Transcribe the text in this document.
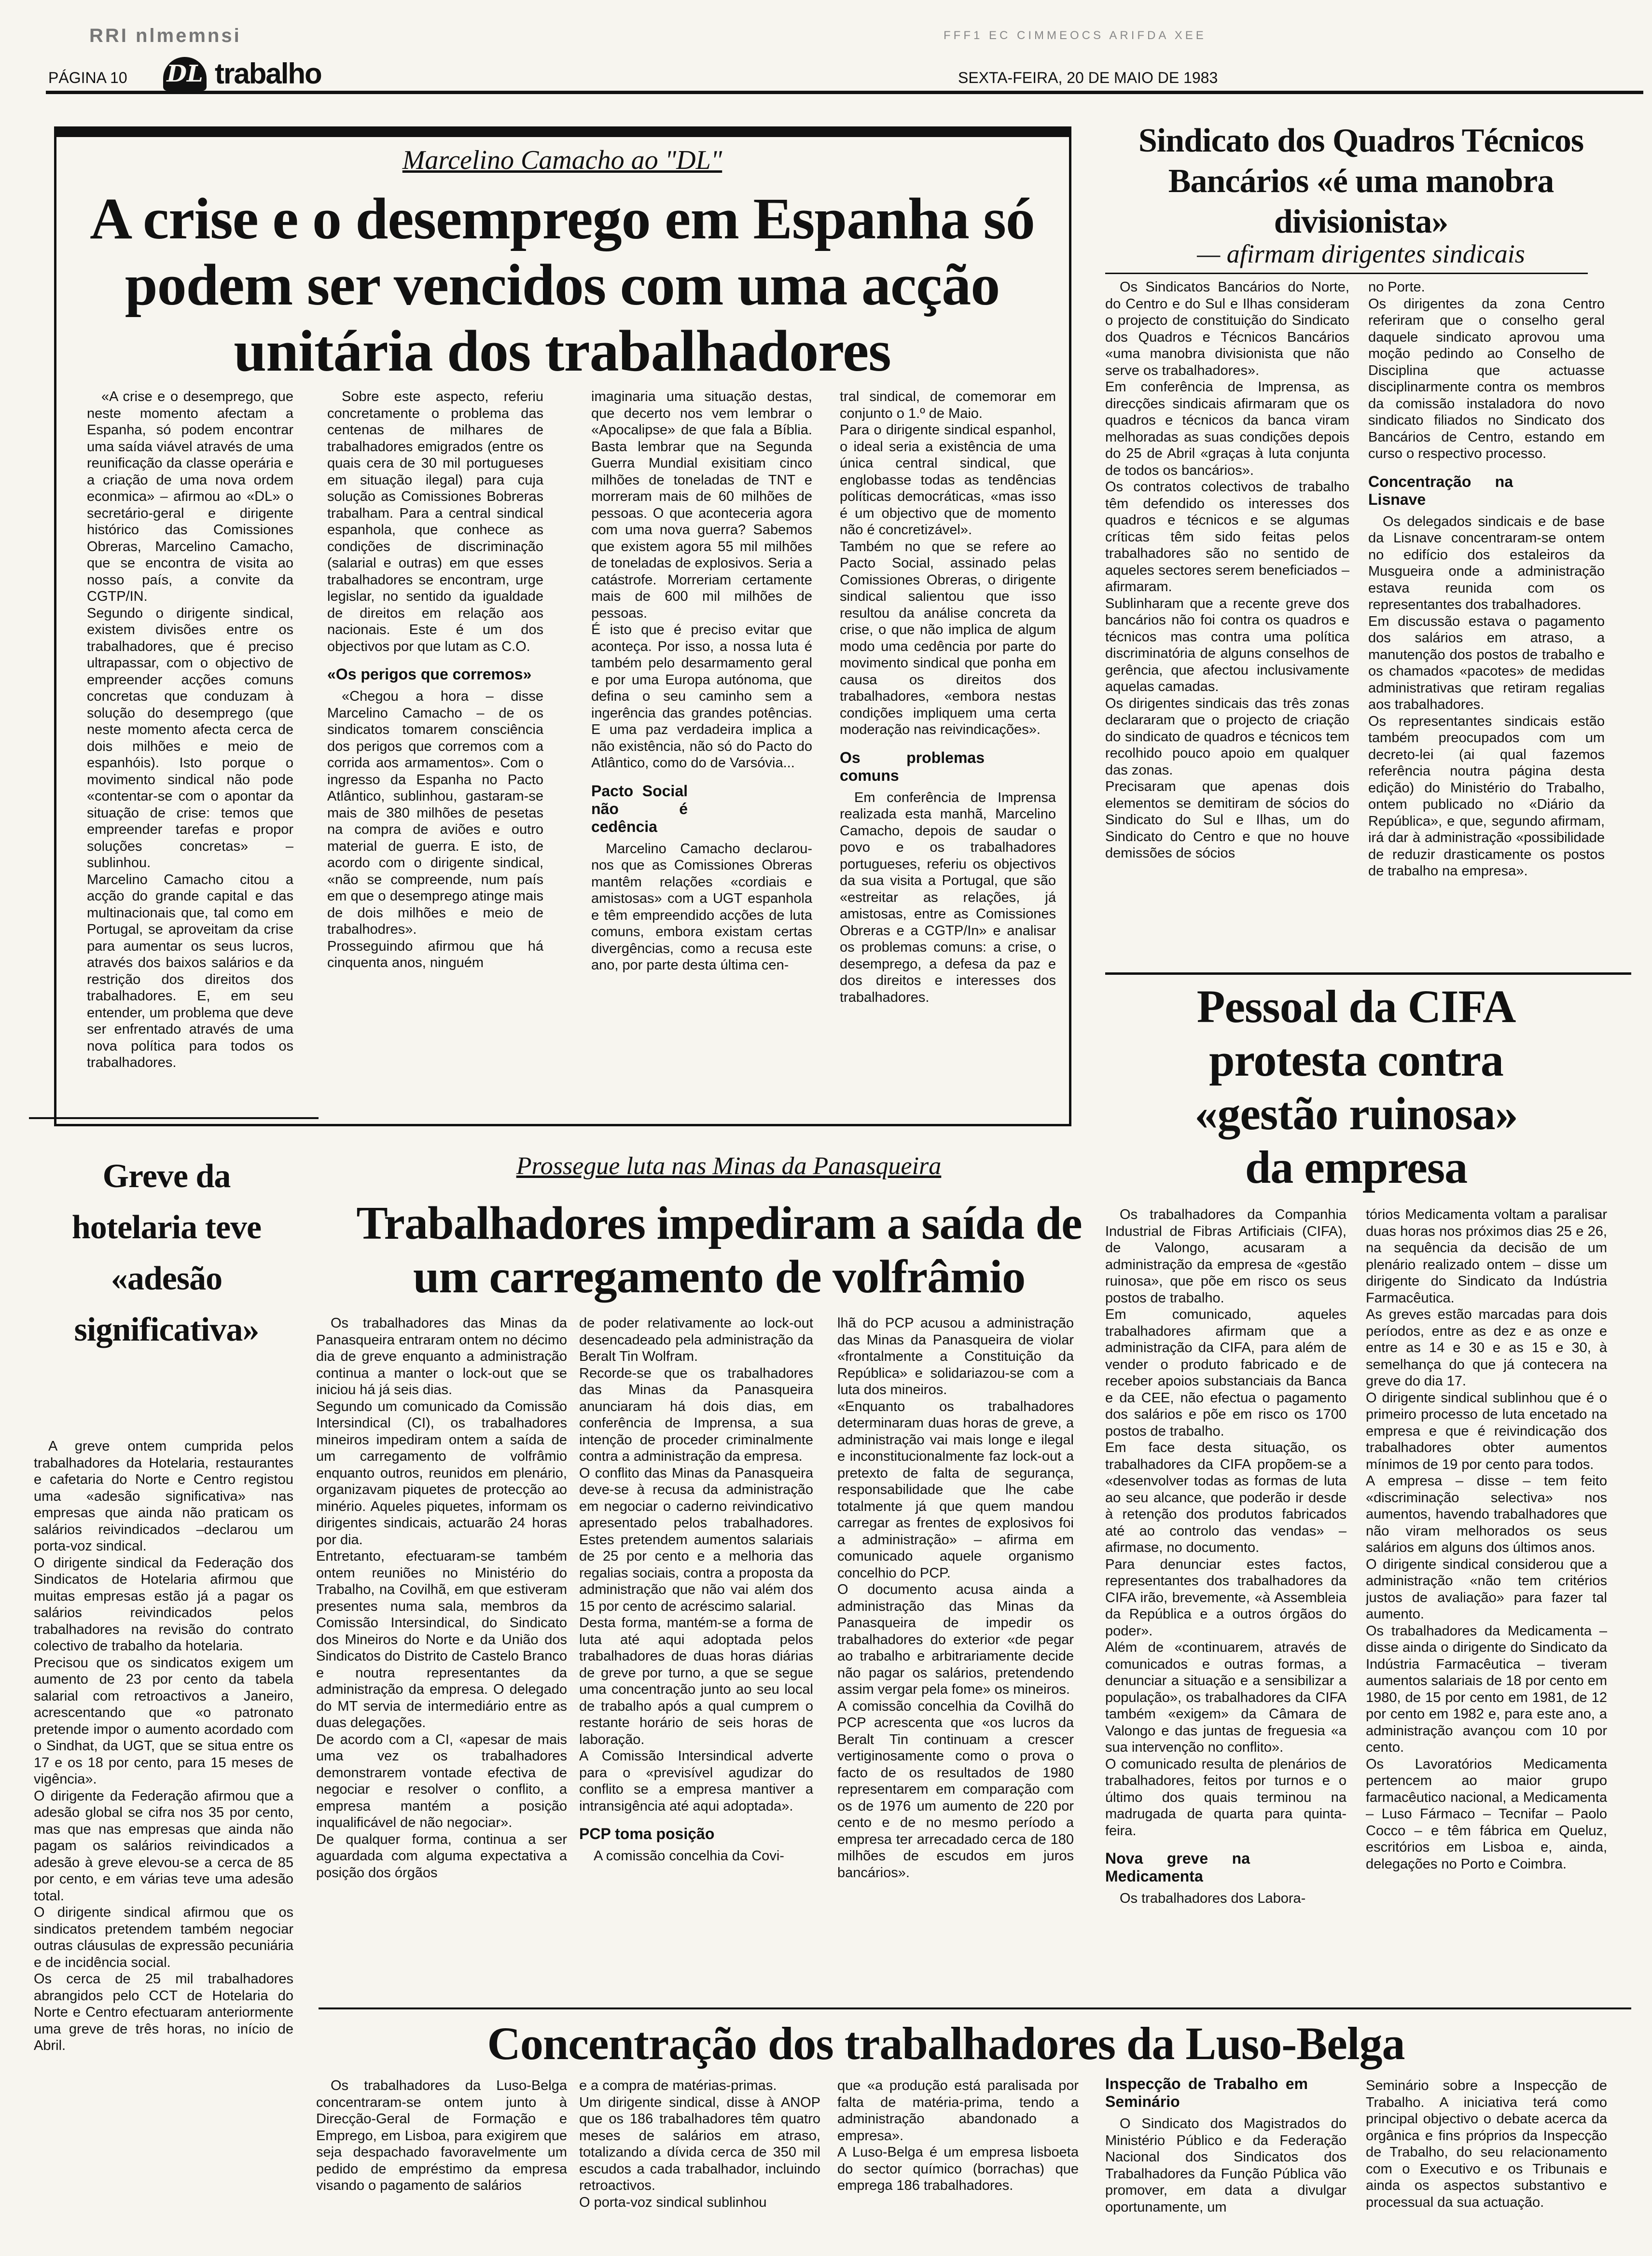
RRI nlmemnsi	FFF1 EC CIMMEOCS ARIFDA XEE
PÁGINA 10 DL trabalho	SEXTA-FEIRA, 20 DE MAIO DE 1983
Marcelino Camacho ao "DL"
A crise e o desemprego em Espanha só podem ser vencidos com uma acção unitária dos trabalhadores

«A crise e o desemprego, que neste momento afectam a Espanha, só podem encontrar uma saída viável através de uma reunificação da classe operária e a criação de uma nova ordem econmica» – afirmou ao «DL» o secretário-geral e dirigente histórico das Comissiones Obreras, Marcelino Camacho, que se encontra de visita ao nosso país, a convite da CGTP/IN.
Segundo o dirigente sindical, existem divisões entre os trabalhadores, que é preciso ultrapassar, com o objectivo de empreender acções comuns concretas que conduzam à solução do desemprego (que neste momento afecta cerca de dois milhões e meio de espanhóis). Isto porque o movimento sindical não pode «contentar-se com o apontar da situação de crise: temos que empreender tarefas e propor soluções concretas» – sublinhou.
Marcelino Camacho citou a acção do grande capital e das multinacionais que, tal como em Portugal, se aproveitam da crise para aumentar os seus lucros, através dos baixos salários e da restrição dos direitos dos trabalhadores. E, em seu entender, um problema que deve ser enfrentado através de uma nova política para todos os trabalhadores.

Sobre este aspecto, referiu concretamente o problema das centenas de milhares de trabalhadores emigrados (entre os quais cera de 30 mil portugueses em situação ilegal) para cuja solução as Comissiones Bobreras trabalham. Para a central sindical espanhola, que conhece as condições de discriminação (salarial e outras) em que esses trabalhadores se encontram, urge legislar, no sentido da igualdade de direitos em relação aos nacionais. Este é um dos objectivos por que lutam as C.O.

«Os perigos que corremos»

«Chegou a hora – disse Marcelino Camacho – de os sindicatos tomarem consciência dos perigos que corremos com a corrida aos armamentos». Com o ingresso da Espanha no Pacto Atlântico, sublinhou, gastaram-se mais de 380 milhões de pesetas na compra de aviões e outro material de guerra. E isto, de acordo com o dirigente sindical, «não se compreende, num país em que o desemprego atinge mais de dois milhões e meio de trabalhodres».
Prosseguindo afirmou que há cinquenta anos, ninguém

imaginaria uma situação destas, que decerto nos vem lembrar o «Apocalipse» de que fala a Bíblia. Basta lembrar que na Segunda Guerra Mundial exisitiam cinco milhões de toneladas de TNT e morreram mais de 60 milhões de pessoas. O que aconteceria agora com uma nova guerra? Sabemos que existem agora 55 mil milhões de toneladas de explosivos. Seria a catástrofe. Morreriam certamente mais de 600 mil milhões de pessoas.
É isto que é preciso evitar que aconteça. Por isso, a nossa luta é também pelo desarmamento geral e por uma Europa autónoma, que defina o seu caminho sem a ingerência das grandes potências. E uma paz verdadeira implica a não existência, não só do Pacto do Atlântico, como do de Varsóvia...

Pacto Social não é cedência

Marcelino Camacho declarou-nos que as Comissiones Obreras mantêm relações «cordiais e amistosas» com a UGT espanhola e têm empreendido acções de luta comuns, embora existam certas divergências, como a recusa este ano, por parte desta última cen-

tral sindical, de comemorar em conjunto o 1.º de Maio.
Para o dirigente sindical espanhol, o ideal seria a existência de uma única central sindical, que englobasse todas as tendências políticas democráticas, «mas isso é um objectivo que de momento não é concretizável».
Também no que se refere ao Pacto Social, assinado pelas Comissiones Obreras, o dirigente sindical salientou que isso resultou da análise concreta da crise, o que não implica de algum modo uma cedência por parte do movimento sindical que ponha em causa os direitos dos trabalhadores, «embora nestas condições impliquem uma certa moderação nas reivindicações».

Os problemas comuns

Em conferência de Imprensa realizada esta manhã, Marcelino Camacho, depois de saudar o povo e os trabalhadores portugueses, referiu os objectivos da sua visita a Portugal, que são «estreitar as relações, já amistosas, entre as Comissiones Obreras e a CGTP/In» e analisar os problemas comuns: a crise, o desemprego, a defesa da paz e dos direitos e interesses dos trabalhadores.

Sindicato dos Quadros Técnicos Bancários «é uma manobra divisionista»
— afirmam dirigentes sindicais

Os Sindicatos Bancários do Norte, do Centro e do Sul e Ilhas consideram o projecto de constituição do Sindicato dos Quadros e Técnicos Bancários «uma manobra divisionista que não serve os trabalhadores».
Em conferência de Imprensa, as direcções sindicais afirmaram que os quadros e técnicos da banca viram melhoradas as suas condições depois do 25 de Abril «graças à luta conjunta de todos os bancários».
Os contratos colectivos de trabalho têm defendido os interesses dos quadros e técnicos e se algumas críticas têm sido feitas pelos trabalhadores são no sentido de aqueles sectores serem beneficiados – afirmaram.
Sublinharam que a recente greve dos bancários não foi contra os quadros e técnicos mas contra uma política discriminatória de alguns conselhos de gerência, que afectou inclusivamente aquelas camadas.
Os dirigentes sindicais das três zonas declararam que o projecto de criação do sindicato de quadros e técnicos tem recolhido pouco apoio em qualquer das zonas.
Precisaram que apenas dois elementos se demitiram de sócios do Sindicato do Sul e Ilhas, um do Sindicato do Centro e que no houve demissões de sócios

no Porte.
Os dirigentes da zona Centro referiram que o conselho geral daquele sindicato aprovou uma moção pedindo ao Conselho de Disciplina que actuasse disciplinarmente contra os membros da comissão instaladora do novo sindicato filiados no Sindicato dos Bancários de Centro, estando em curso o respectivo processo.

Concentração na Lisnave

Os delegados sindicais e de base da Lisnave concentraram-se ontem no edifício dos estaleiros da Musgueira onde a administração estava reunida com os representantes dos trabalhadores.
Em discussão estava o pagamento dos salários em atraso, a manutenção dos postos de trabalho e os chamados «pacotes» de medidas administrativas que retiram regalias aos trabalhadores.
Os representantes sindicais estão também preocupados com um decreto-lei (ai qual fazemos referência noutra página desta edição) do Ministério do Trabalho, ontem publicado no «Diário da República», e que, segundo afirmam, irá dar à administração «possibilidade de reduzir drasticamente os postos de trabalho na empresa».

Pessoal da CIFA protesta contra «gestão ruinosa» da empresa

Os trabalhadores da Companhia Industrial de Fibras Artificiais (CIFA), de Valongo, acusaram a administração da empresa de «gestão ruinosa», que põe em risco os seus postos de trabalho.
Em comunicado, aqueles trabalhadores afirmam que a administração da CIFA, para além de vender o produto fabricado e de receber apoios substanciais da Banca e da CEE, não efectua o pagamento dos salários e põe em risco os 1700 postos de trabalho.
Em face desta situação, os trabalhadores da CIFA propõem-se a «desenvolver todas as formas de luta ao seu alcance, que poderão ir desde à retenção dos produtos fabricados até ao controlo das vendas» – afirmase, no documento.
Para denunciar estes factos, representantes dos trabalhadores da CIFA irão, brevemente, «à Assembleia da República e a outros órgãos do poder».
Além de «continuarem, através de comunicados e outras formas, a denunciar a situação e a sensibilizar a população», os trabalhadores da CIFA também «exigem» da Câmara de Valongo e das juntas de freguesia «a sua intervenção no conflito».
O comunicado resulta de plenários de trabalhadores, feitos por turnos e o último dos quais terminou na madrugada de quarta para quinta-feira.

Nova greve na Medicamenta

Os trabalhadores dos Labora-

tórios Medicamenta voltam a paralisar duas horas nos próximos dias 25 e 26, na sequência da decisão de um plenário realizado ontem – disse um dirigente do Sindicato da Indústria Farmacêutica.
As greves estão marcadas para dois períodos, entre as dez e as onze e entre as 14 e 30 e as 15 e 30, à semelhança do que já contecera na greve do dia 17.
O dirigente sindical sublinhou que é o primeiro processo de luta encetado na empresa e que é reivindicação dos trabalhadores obter aumentos mínimos de 19 por cento para todos.
A empresa – disse – tem feito «discriminação selectiva» nos aumentos, havendo trabalhadores que não viram melhorados os seus salários em alguns dos últimos anos.
O dirigente sindical considerou que a administração «não tem critérios justos de avaliação» para fazer tal aumento.
Os trabalhadores da Medicamenta – disse ainda o dirigente do Sindicato da Indústria Farmacêutica – tiveram aumentos salariais de 18 por cento em 1980, de 15 por cento em 1981, de 12 por cento em 1982 e, para este ano, a administração avançou com 10 por cento.
Os Lavoratórios Medicamenta pertencem ao maior grupo farmacêutico nacional, a Medicamenta – Luso Fármaco – Tecnifar – Paolo Cocco – e têm fábrica em Queluz, escritórios em Lisboa e, ainda, delegações no Porto e Coimbra.

Greve da hotelaria teve «adesão significativa»

A greve ontem cumprida pelos trabalhadores da Hotelaria, restaurantes e cafetaria do Norte e Centro registou uma «adesão significativa» nas empresas que ainda não praticam os salários reivindicados –declarou um porta-voz sindical.
O dirigente sindical da Federação dos Sindicatos de Hotelaria afirmou que muitas empresas estão já a pagar os salários reivindicados pelos trabalhadores na revisão do contrato colectivo de trabalho da hotelaria.
Precisou que os sindicatos exigem um aumento de 23 por cento da tabela salarial com retroactivos a Janeiro, acrescentando que «o patronato pretende impor o aumento acordado com o Sindhat, da UGT, que se situa entre os 17 e os 18 por cento, para 15 meses de vigência».
O dirigente da Federação afirmou que a adesão global se cifra nos 35 por cento, mas que nas empresas que ainda não pagam os salários reivindicados a adesão à greve elevou-se a cerca de 85 por cento, e em várias teve uma adesão total.
O dirigente sindical afirmou que os sindicatos pretendem também negociar outras cláusulas de expressão pecuniária e de incidência social.
Os cerca de 25 mil trabalhadores abrangidos pelo CCT de Hotelaria do Norte e Centro efectuaram anteriormente uma greve de três horas, no início de Abril.

Prossegue luta nas Minas da Panasqueira
Trabalhadores impediram a saída de um carregamento de volfrâmio

Os trabalhadores das Minas da Panasqueira entraram ontem no décimo dia de greve enquanto a administração continua a manter o lock-out que se iniciou há já seis dias.
Segundo um comunicado da Comissão Intersindical (CI), os trabalhadores mineiros impediram ontem a saída de um carregamento de volfrâmio enquanto outros, reunidos em plenário, organizavam piquetes de protecção ao minério. Aqueles piquetes, informam os dirigentes sindicais, actuarão 24 horas por dia.
Entretanto, efectuaram-se também ontem reuniões no Ministério do Trabalho, na Covilhã, em que estiveram presentes numa sala, membros da Comissão Intersindical, do Sindicato dos Mineiros do Norte e da União dos Sindicatos do Distrito de Castelo Branco e noutra representantes da administração da empresa. O delegado do MT servia de intermediário entre as duas delegações.
De acordo com a CI, «apesar de mais uma vez os trabalhadores demonstrarem vontade efectiva de negociar e resolver o conflito, a empresa mantém a posição inqualificável de não negociar».
De qualquer forma, continua a ser aguardada com alguma expectativa a posição dos órgãos

de poder relativamente ao lock-out desencadeado pela administração da Beralt Tin Wolfram.
Recorde-se que os trabalhadores das Minas da Panasqueira anunciaram há dois dias, em conferência de Imprensa, a sua intenção de proceder criminalmente contra a administração da empresa.
O conflito das Minas da Panasqueira deve-se à recusa da administração em negociar o caderno reivindicativo apresentado pelos trabalhadores. Estes pretendem aumentos salariais de 25 por cento e a melhoria das regalias sociais, contra a proposta da administração que não vai além dos 15 por cento de acréscimo salarial.
Desta forma, mantém-se a forma de luta até aqui adoptada pelos trabalhadores de duas horas diárias de greve por turno, a que se segue uma concentração junto ao seu local de trabalho após a qual cumprem o restante horário de seis horas de laboração.
A Comissão Intersindical adverte para o «previsível agudizar do conflito se a empresa mantiver a intransigência até aqui adoptada».

PCP toma posição

A comissão concelhia da Covi-

lhã do PCP acusou a administração das Minas da Panasqueira de violar «frontalmente a Constituição da República» e solidariazou-se com a luta dos mineiros.
«Enquanto os trabalhadores determinaram duas horas de greve, a administração vai mais longe e ilegal e inconstitucionalmente faz lock-out a pretexto de falta de segurança, responsabilidade que lhe cabe totalmente já que quem mandou carregar as frentes de explosivos foi a administração» – afirma em comunicado aquele organismo concelhio do PCP.
O documento acusa ainda a administração das Minas da Panasqueira de impedir os trabalhadores do exterior «de pegar ao trabalho e arbitrariamente decide não pagar os salários, pretendendo assim vergar pela fome» os mineiros.
A comissão concelhia da Covilhã do PCP acrescenta que «os lucros da Beralt Tin continuam a crescer vertiginosamente como o prova o facto de os resultados de 1980 representarem em comparação com os de 1976 um aumento de 220 por cento e de no mesmo período a empresa ter arrecadado cerca de 180 milhões de escudos em juros bancários».

Concentração dos trabalhadores da Luso-Belga

Os trabalhadores da Luso-Belga concentraram-se ontem junto à Direcção-Geral de Formação e Emprego, em Lisboa, para exigirem que seja despachado favoravelmente um pedido de empréstimo da empresa visando o pagamento de salários

e a compra de matérias-primas.
Um dirigente sindical, disse à ANOP que os 186 trabalhadores têm quatro meses de salários em atraso, totalizando a dívida cerca de 350 mil escudos a cada trabalhador, incluindo retroactivos.
O porta-voz sindical sublinhou

que «a produção está paralisada por falta de matéria-prima, tendo a administração abandonado a empresa».
A Luso-Belga é um empresa lisboeta do sector químico (borrachas) que emprega 186 trabalhadores.

Inspecção de Trabalho em Seminário

O Sindicato dos Magistrados do Ministério Público e da Federação Nacional dos Sindicatos dos Trabalhadores da Função Pública vão promover, em data a divulgar oportunamente, um

Seminário sobre a Inspecção de Trabalho. A iniciativa terá como principal objectivo o debate acerca da orgânica e fins próprios da Inspecção de Trabalho, do seu relacionamento com o Executivo e os Tribunais e ainda os aspectos substantivo e processual da sua actuação.
